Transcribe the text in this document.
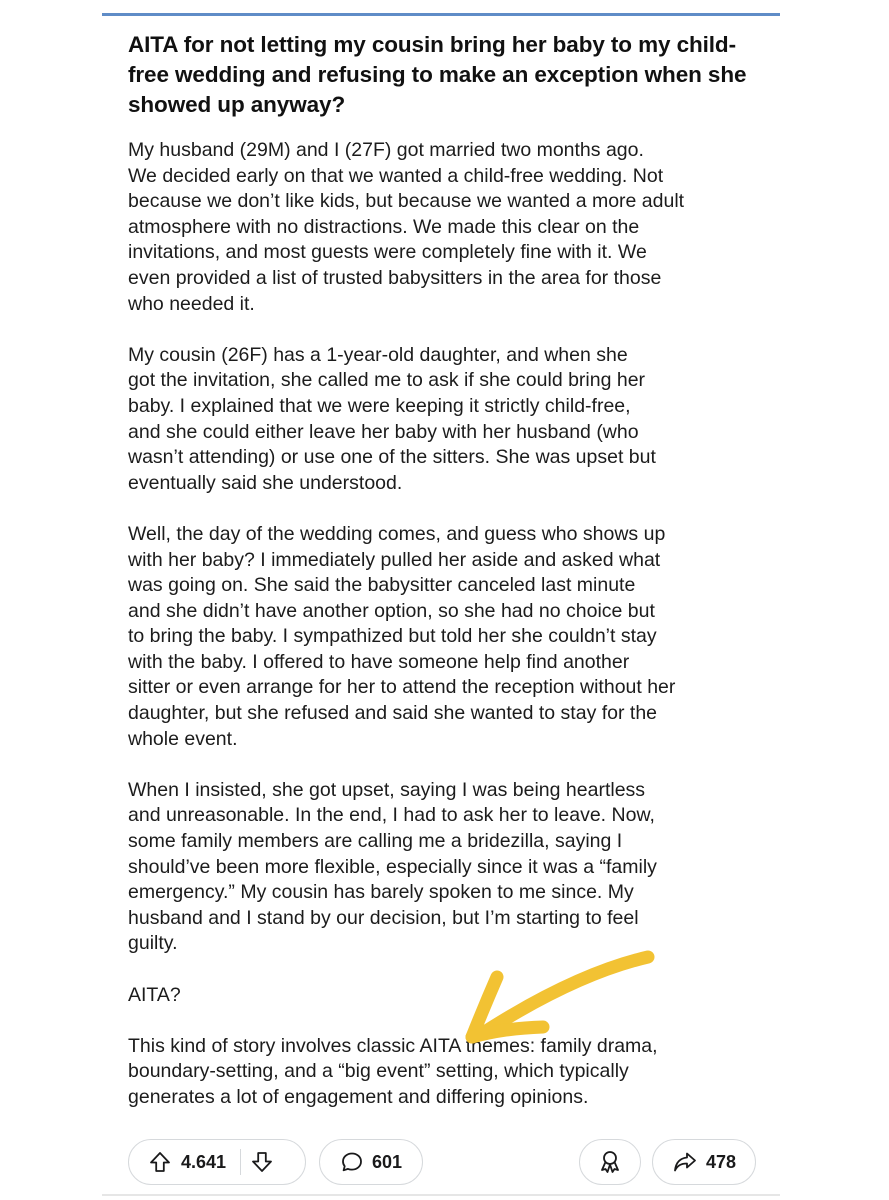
AITA for not letting my cousin bring her baby to my child-free wedding and refusing to make an exception when she showed up anyway?

My husband (29M) and I (27F) got married two months ago.
We decided early on that we wanted a child-free wedding. Not
because we don’t like kids, but because we wanted a more adult
atmosphere with no distractions. We made this clear on the
invitations, and most guests were completely fine with it. We
even provided a list of trusted babysitters in the area for those
who needed it.

My cousin (26F) has a 1-year-old daughter, and when she
got the invitation, she called me to ask if she could bring her
baby. I explained that we were keeping it strictly child-free,
and she could either leave her baby with her husband (who
wasn’t attending) or use one of the sitters. She was upset but
eventually said she understood.

Well, the day of the wedding comes, and guess who shows up
with her baby? I immediately pulled her aside and asked what
was going on. She said the babysitter canceled last minute
and she didn’t have another option, so she had no choice but
to bring the baby. I sympathized but told her she couldn’t stay
with the baby. I offered to have someone help find another
sitter or even arrange for her to attend the reception without her
daughter, but she refused and said she wanted to stay for the
whole event.

When I insisted, she got upset, saying I was being heartless
and unreasonable. In the end, I had to ask her to leave. Now,
some family members are calling me a bridezilla, saying I
should’ve been more flexible, especially since it was a “family
emergency.” My cousin has barely spoken to me since. My
husband and I stand by our decision, but I’m starting to feel
guilty.

AITA?

This kind of story involves classic AITA themes: family drama,
boundary-setting, and a “big event” setting, which typically
generates a lot of engagement and differing opinions.

4.641	601	478
